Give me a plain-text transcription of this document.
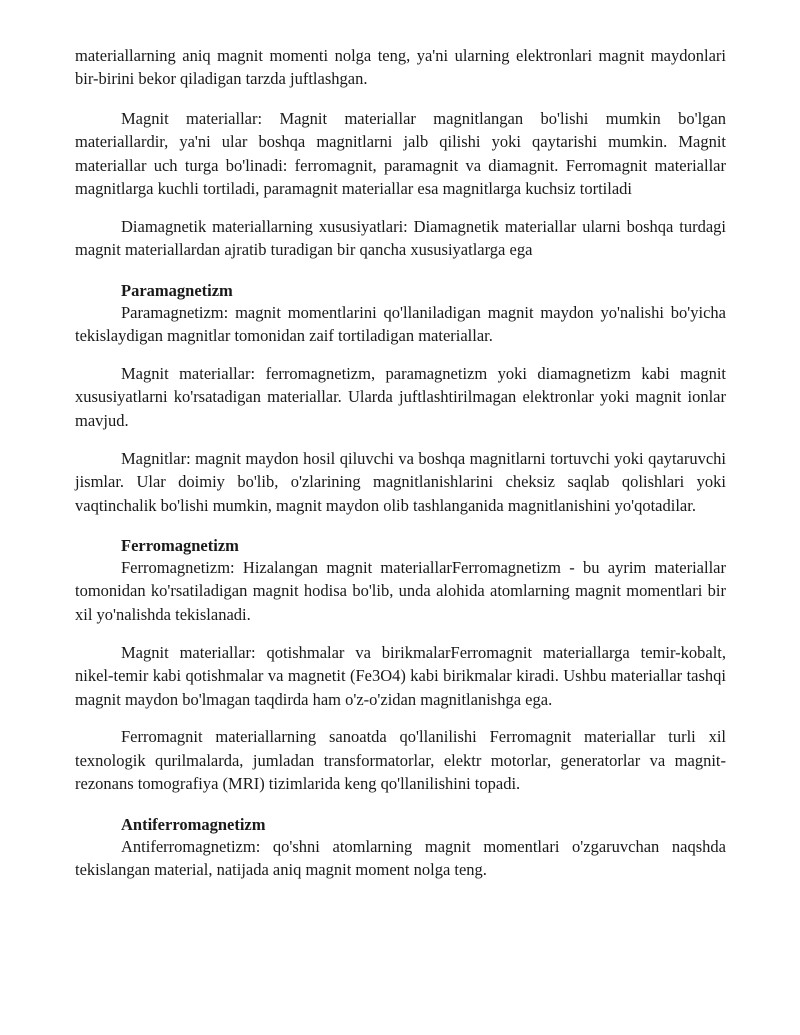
materiallarning aniq magnit momenti nolga teng, ya'ni ularning elektronlari magnit maydonlari bir-birini bekor qiladigan tarzda juftlashgan.

Magnit materiallar: Magnit materiallar magnitlangan bo'lishi mumkin bo'lgan materiallardir, ya'ni ular boshqa magnitlarni jalb qilishi yoki qaytarishi mumkin. Magnit materiallar uch turga bo'linadi: ferromagnit, paramagnit va diamagnit. Ferromagnit materiallar magnitlarga kuchli tortiladi, paramagnit materiallar esa magnitlarga kuchsiz tortiladi

Diamagnetik materiallarning xususiyatlari: Diamagnetik materiallar ularni boshqa turdagi magnit materiallardan ajratib turadigan bir qancha xususiyatlarga ega

Paramagnetizm

Paramagnetizm: magnit momentlarini qo'llaniladigan magnit maydon yo'nalishi bo'yicha tekislaydigan magnitlar tomonidan zaif tortiladigan materiallar.

Magnit materiallar: ferromagnetizm, paramagnetizm yoki diamagnetizm kabi magnit xususiyatlarni ko'rsatadigan materiallar. Ularda juftlashtirilmagan elektronlar yoki magnit ionlar mavjud.

Magnitlar: magnit maydon hosil qiluvchi va boshqa magnitlarni tortuvchi yoki qaytaruvchi jismlar. Ular doimiy bo'lib, o'zlarining magnitlanishlarini cheksiz saqlab qolishlari yoki vaqtinchalik bo'lishi mumkin, magnit maydon olib tashlanganida magnitlanishini yo'qotadilar.

Ferromagnetizm

Ferromagnetizm: Hizalangan magnit materiallarFerromagnetizm - bu ayrim materiallar tomonidan ko'rsatiladigan magnit hodisa bo'lib, unda alohida atomlarning magnit momentlari bir xil yo'nalishda tekislanadi.

Magnit materiallar: qotishmalar va birikmalarFerromagnit materiallarga temir-kobalt, nikel-temir kabi qotishmalar va magnetit (Fe3O4) kabi birikmalar kiradi. Ushbu materiallar tashqi magnit maydon bo'lmagan taqdirda ham o'z-o'zidan magnitlanishga ega.

Ferromagnit materiallarning sanoatda qo'llanilishi Ferromagnit materiallar turli xil texnologik qurilmalarda, jumladan transformatorlar, elektr motorlar, generatorlar va magnit-rezonans tomografiya (MRI) tizimlarida keng qo'llanilishini topadi.

Antiferromagnetizm

Antiferromagnetizm: qo'shni atomlarning magnit momentlari o'zgaruvchan naqshda tekislangan material, natijada aniq magnit moment nolga teng.
